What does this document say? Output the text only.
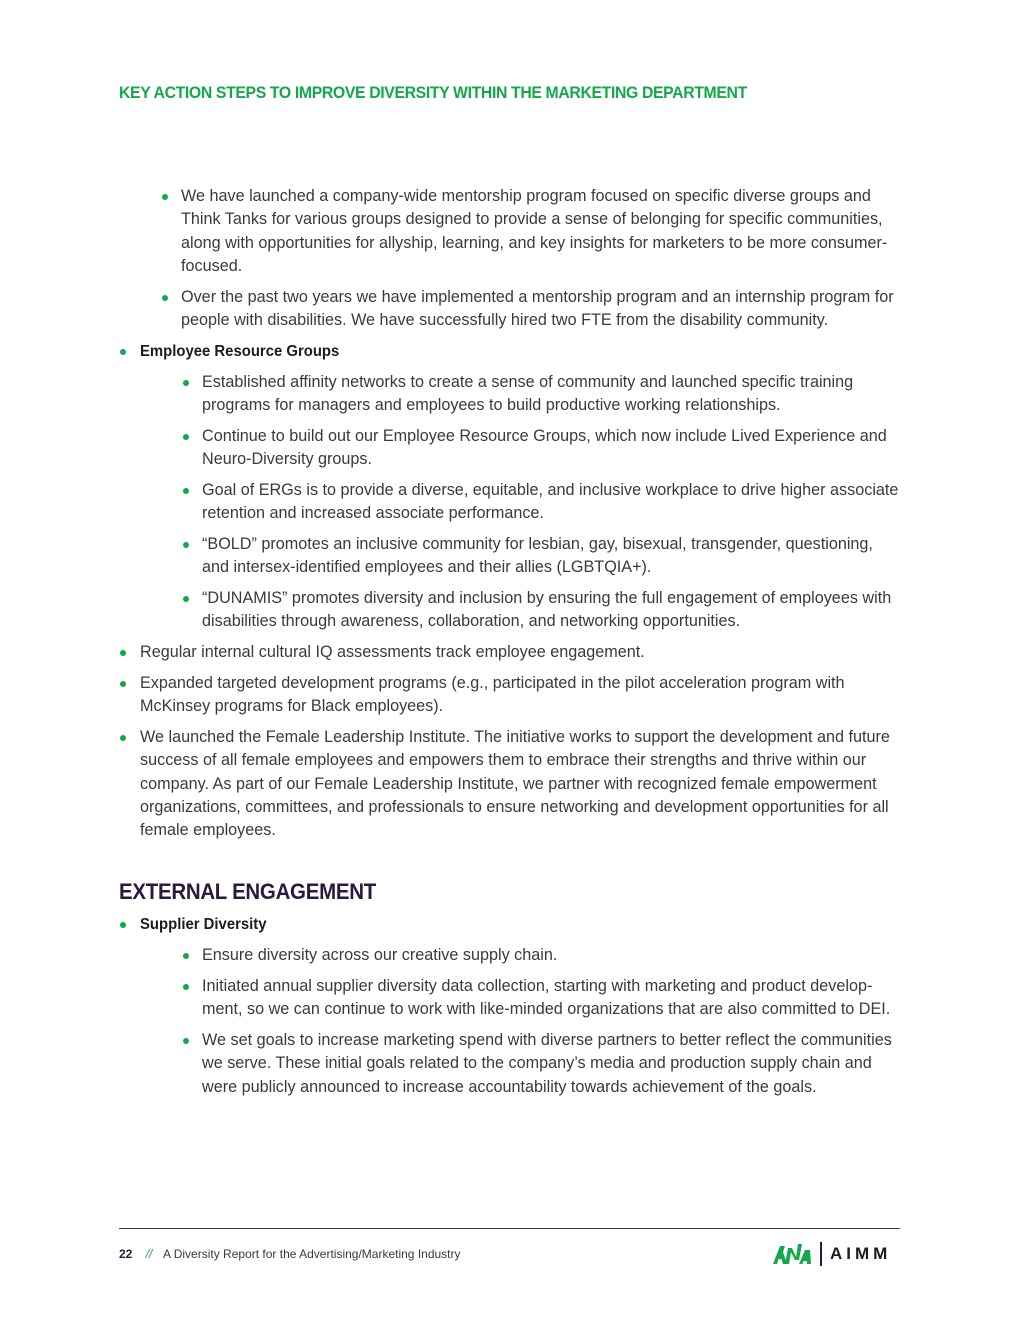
KEY ACTION STEPS TO IMPROVE DIVERSITY WITHIN THE MARKETING DEPARTMENT
We have launched a company-wide mentorship program focused on specific diverse groups and Think Tanks for various groups designed to provide a sense of belonging for specific communities, along with opportunities for allyship, learning, and key insights for marketers to be more consumer-focused.
Over the past two years we have implemented a mentorship program and an internship program for people with disabilities. We have successfully hired two FTE from the disability community.
Employee Resource Groups
Established affinity networks to create a sense of community and launched specific training programs for managers and employees to build productive working relationships.
Continue to build out our Employee Resource Groups, which now include Lived Experience and Neuro-Diversity groups.
Goal of ERGs is to provide a diverse, equitable, and inclusive workplace to drive higher associate retention and increased associate performance.
“BOLD” promotes an inclusive community for lesbian, gay, bisexual, transgender, questioning, and intersex-identified employees and their allies (LGBTQIA+).
“DUNAMIS” promotes diversity and inclusion by ensuring the full engagement of employees with disabilities through awareness, collaboration, and networking opportunities.
Regular internal cultural IQ assessments track employee engagement.
Expanded targeted development programs (e.g., participated in the pilot acceleration program with McKinsey programs for Black employees).
We launched the Female Leadership Institute. The initiative works to support the development and future success of all female employees and empowers them to embrace their strengths and thrive within our company. As part of our Female Leadership Institute, we partner with recognized female empowerment organizations, committees, and professionals to ensure networking and development opportunities for all female employees.
EXTERNAL ENGAGEMENT
Supplier Diversity
Ensure diversity across our creative supply chain.
Initiated annual supplier diversity data collection, starting with marketing and product develop-ment, so we can continue to work with like-minded organizations that are also committed to DEI.
We set goals to increase marketing spend with diverse partners to better reflect the communities we serve. These initial goals related to the company’s media and production supply chain and were publicly announced to increase accountability towards achievement of the goals.
22 // A Diversity Report for the Advertising/Marketing Industry	AIMM
